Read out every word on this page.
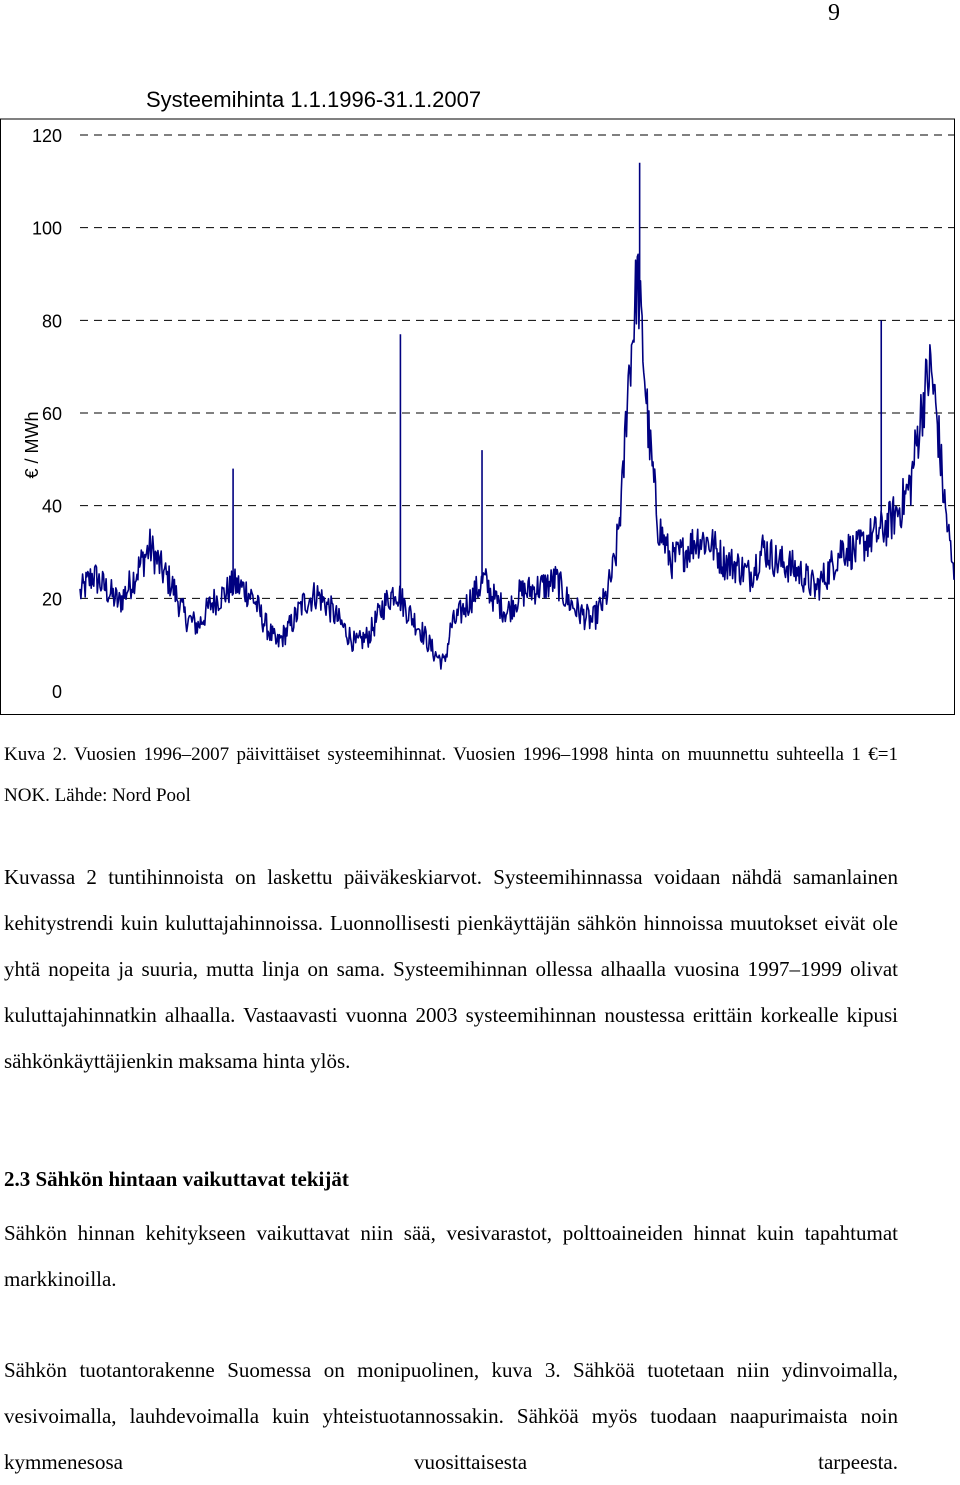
9
Systeemihinta 1.1.1996-31.1.2007
€ / MWh
0
20
40
60
80
100
120

Kuva 2. Vuosien 1996–2007 päivittäiset systeemihinnat. Vuosien 1996–1998 hinta on muunnettu suhteella 1 €=1 NOK. Lähde: Nord Pool

Kuvassa 2 tuntihinnoista on laskettu päiväkeskiarvot. Systeemihinnassa voidaan nähdä samanlainen kehitystrendi kuin kuluttajahinnoissa. Luonnollisesti pienkäyttäjän sähkön hinnoissa muutokset eivät ole yhtä nopeita ja suuria, mutta linja on sama. Systeemihinnan ollessa alhaalla vuosina 1997–1999 olivat kuluttajahinnatkin alhaalla. Vastaavasti vuonna 2003 systeemihinnan noustessa erittäin korkealle kipusi sähkönkäyttäjienkin maksama hinta ylös.

2.3 Sähkön hintaan vaikuttavat tekijät

Sähkön hinnan kehitykseen vaikuttavat niin sää, vesivarastot, polttoaineiden hinnat kuin tapahtumat markkinoilla.

Sähkön tuotantorakenne Suomessa on monipuolinen, kuva 3. Sähköä tuotetaan niin ydinvoimalla, vesivoimalla, lauhdevoimalla kuin yhteistuotannossakin. Sähköä myös tuodaan naapurimaista noin kymmenesosa vuosittaisesta tarpeesta.
